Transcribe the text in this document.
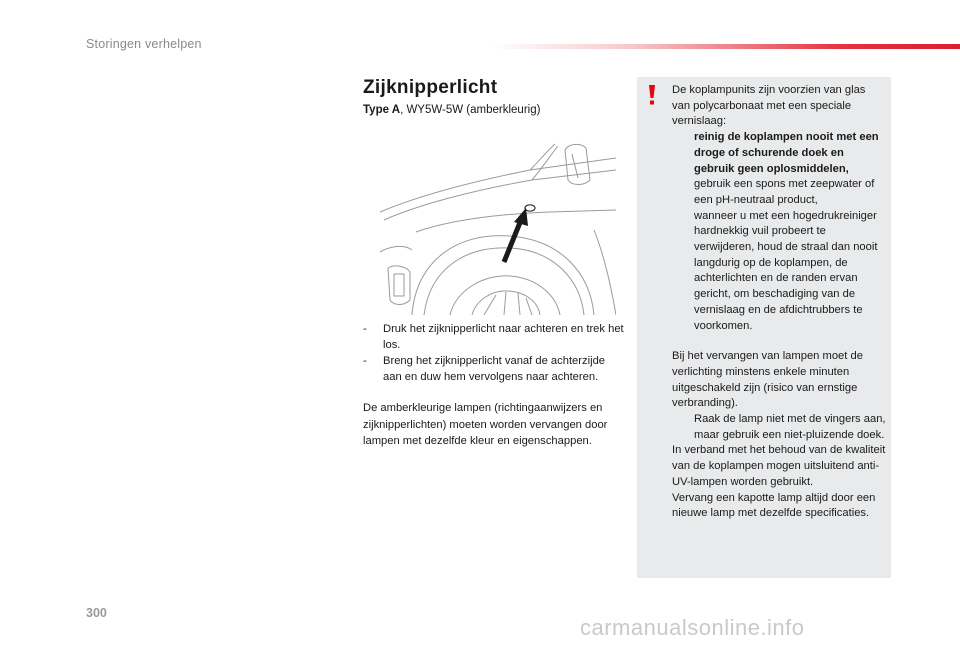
Storingen verhelpen
Zijknipperlicht
Type A, WY5W-5W (amberkleurig)
-	Druk het zijknipperlicht naar achteren en trek het los.
-	Breng het zijknipperlicht vanaf de achterzijde aan en duw hem vervolgens naar achteren.
De amberkleurige lampen (richtingaanwijzers en zijknipperlichten) moeten worden vervangen door lampen met dezelfde kleur en eigenschappen.

De koplampunits zijn voorzien van glas van polycarbonaat met een speciale vernislaag:

reinig de koplampen nooit met een droge of schurende doek en gebruik geen oplosmiddelen,
gebruik een spons met zeepwater of een pH-neutraal product,
wanneer u met een hogedrukreiniger hardnekkig vuil probeert te verwijderen, houd de straal dan nooit langdurig op de koplampen, de achterlichten en de randen ervan gericht, om beschadiging van de vernislaag en de afdichtrubbers te voorkomen.

Bij het vervangen van lampen moet de verlichting minstens enkele minuten uitgeschakeld zijn (risico van ernstige verbranding).

Raak de lamp niet met de vingers aan, maar gebruik een niet-pluizende doek.

In verband met het behoud van de kwaliteit van de koplampen mogen uitsluitend anti-UV-lampen worden gebruikt.

Vervang een kapotte lamp altijd door een nieuwe lamp met dezelfde specificaties.

300
carmanualsonline.info
